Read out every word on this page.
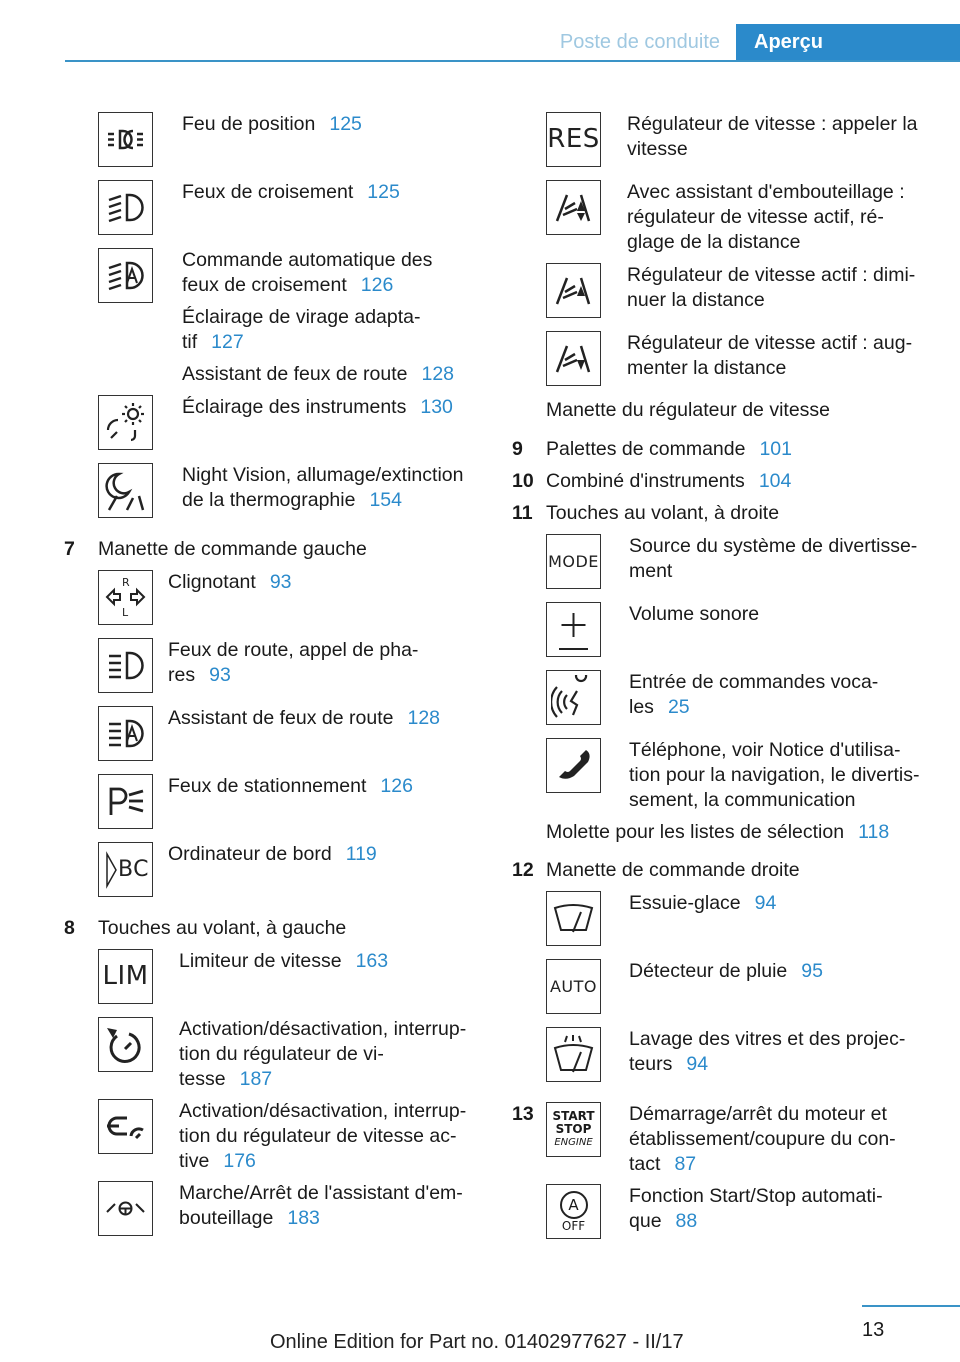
Poste de conduite	Aperçu
Feu de position 125
Feux de croisement 125
Commande automatique des
feux de croisement 126
Éclairage de virage adapta-
tif 127
Assistant de feux de route 128
Éclairage des instruments 130
Night Vision, allumage/extinction
de la thermographie 154
7 Manette de commande gauche
R
L
Clignotant 93
Feux de route, appel de pha-
res 93
Assistant de feux de route 128
Feux de stationnement 126
BC
Ordinateur de bord 119
8 Touches au volant, à gauche
LIM Limiteur de vitesse 163
Activation/désactivation, interrup-
tion du régulateur de vi-
tesse 187
Activation/désactivation, interrup-
tion du régulateur de vitesse ac-
tive 176
Marche/Arrêt de l'assistant d'em-
bouteillage 183
RES Régulateur de vitesse : appeler la
vitesse
Avec assistant d'embouteillage :
régulateur de vitesse actif, ré-
glage de la distance
Régulateur de vitesse actif : dimi-
nuer la distance
Régulateur de vitesse actif : aug-
menter la distance
Manette du régulateur de vitesse
9 Palettes de commande 101
10 Combiné d'instruments 104
11 Touches au volant, à droite
MODE
Source du système de divertisse-
ment
Volume sonore
Entrée de commandes voca-
les 25
Téléphone, voir Notice d'utilisa-
tion pour la navigation, le divertis-
sement, la communication
Molette pour les listes de sélection 118
12 Manette de commande droite
Essuie-glace 94
AUTO
Détecteur de pluie 95
Lavage des vitres et des projec-
teurs 94
13 START
STOP
ENGINE
Démarrage/arrêt du moteur et
établissement/coupure du con-
tact 87
A
OFF
Fonction Start/Stop automati-
que 88
13
Online Edition for Part no. 01402977627 - II/17
